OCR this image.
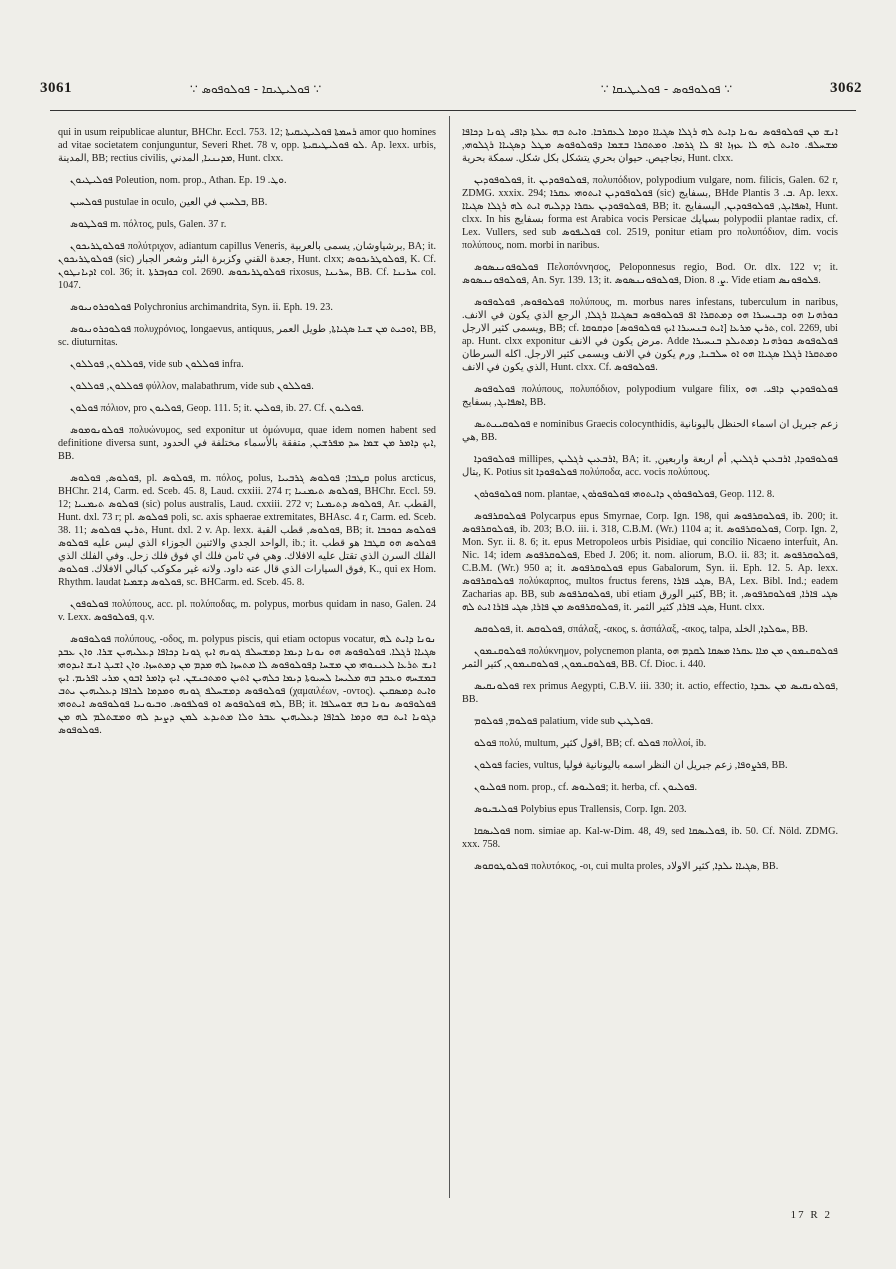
3061	∵ ܦܘܠܝܛܝܩܐ - ܦܘܠܘܦܘܣ ∵	∵ ܦܘܠܘܦܘܣ - ܦܘܠܝܛܝܩܐ ∵	3062

qui in usum reipublicae aluntur, BHChr. Eccl. 753. 12; ܪܚܡܬܐ ܦܘܠܝܛܝܩܝܬܐ amor quo homines ad vitae societatem conjunguntur, Severi Rhet. 78 v, opp. ܠܘ ܦܘܠܝܛܝܩܝܬܐ. Ap. lexx. urbis, المدينة, BB; rectius civilis, ܡܕܝܢܝܐ, المدني, Hunt. clxx.

ܦܘܠܝܛܝܘܢ Poleution, nom. prop., Athan. Ep. ܘܛ. 19.

ܦܘܠܚܝܢ pustulae in oculo, ܒܠܚܝܢ في العين, BB.

ܦܘܠܛܘܣ m. πόλτος, puls, Galen. 37 r.

ܦܘܠܘܛܪܝܟܘܢ πολύτριχον, adiantum capillus Veneris, برشياوشان, يسمى بالعربية, BA; it. ܦܘܠܘܛܪܝܟܘܢ (sic) جعدة القني وكزبرة البئر وشعر الجبار, Hunt. clxx; ܦܘܠܘܛܪܝܟܘܣ, K. Cf. ܐܕܝܐܢܛܘܢ col. 36; it. ܟܘܙܒܪܬܐ col. 2690. ܦܘܠܘܛܪܝܟܘܣ rixosus, ܚܪܝܢܐ, BB. Cf. ܚܪܝܢܐ col. 1047.

ܦܘܠܘܟܪܘܢܝܘܣ Polychronius archimandrita, Syn. ii. Eph. 19. 23.

ܦܘܠܘܟܪܘܢܝܘܣ πολυχρόνιος, longaevus, antiquus, ܐܘܟܝܬ ܡܢ ܫܢܐ ܣܓܝܐܬܐ, طويل العمر, BB, sc. diuturnitas.

ܦܘܠܠܘܢ, ܦܘܠܠܘܢ, vide sub ܦܘܠܠܘܢ infra.

ܦܘܠܠܘܢ, ܦܘܠܠܘܢ φύλλον, malabathrum, vide sub ܦܘܠܠܘܢ.

ܦܘܠܘܢ πόλιον, pro ܦܘܠܝܘܢ, Geop. 111. 5; it. ܦܘܠܝܢ, ib. 27. Cf. ܦܘܠܝܘܢ.

ܦܘܠܘܢܘܡܘܣ πολυώνυμος, sed exponitur ut ὁμώνυμα, quae idem nomen habent sed definitione diversa sunt, ܐܝܟ ܕܐܡܪ ܡܢ ܫܡܐ ܚܕ ܡܦܪܫܝܢ, متفقة بالأسماء مختلفة في الحدود, BB.

ܦܘܠܘܣ, ܦܘܠܘܣ, pl. ܦܘܠܘܣ, m. πόλος, polus, ܩܛܒܐ; ܦܘܠܘܣ ܓܪܒܝܝܐ polus arcticus, BHChr. 214, Carm. ed. Sceb. 45. 8, Laud. cxxiii. 274 r; ܦܘܠܘܣ ܬܝܡܢܝܐ, BHChr. Eccl. 59. 12; ܦܘܠܘܣ ܬܝܡܢܝܐ (sic) polus australis, Laud. cxxiii. 272 v; ܦܘܠܘܣ ܕܬܝܡܢܐ, Ar. القطب, Hunt. dxl. 73 r; pl. ܦܘܠܘܣ poli, sc. axis sphaerae extremitates, BHAsc. 4 r, Carm. ed. Sceb. 38. 11; ܬܪܝܢ ܦܘܠܘܣ, Hunt. dxl. 2 v. Ap. lexx. ܦܘܠܘܣ, قطب القبة, BB; it. ܦܘܠܘܣ ܟܘܟܒܐ الواحد الجدي والاثنين الجوزاء الذي ليس عليه ܦܘܠܘܣ, ib.; it. ܦܘܠܘܣ ܗܘ ܩܛܒܐ هو قطب الفلك السرن الذي تقتل عليه الافلاك. وهي في ثامن فلك اي فوق فلك زحل. وفي الفلك الذي فوق السيارات الذي قال عنه داود. ولانه غير مكوكب كبالي الافلاك. ܦܘܠܘܣ, K., qui ex Hom. Rhythm. laudat ܦܘܠܘܣ ܕܫܡܝܐ, sc. BHCarm. ed. Sceb. 45. 8.

ܦܘܠܘܦܘܢ πολύπους, acc. pl. πολύποδας, m. polypus, morbus quidam in naso, Galen. 24 v. Lexx. ܦܘܠܘܦܘܣ, q.v.

ܦܘܠܘܦܘܣ πολύπους, -οδος, m. polypus piscis, qui etiam octopus vocatur, ܢܘܢܐ ܕܐܝܬ ܠܗ ܣܓܝܐܐ ܪܓܠܐ. ܦܘܠܘܦܘܣ ܗܘ ܢܘܢܐ ܕܝܡܐ ܕܡܫܚܠܦ ܓܘܢܗ ܐܝܟ ܓܘܢܐ ܕܟܐܦܐ ܕܥܠܝܗܝܢ ܫܪܐ. ܘܐܢ ܥܒܕ ܐܢܫ ܬܪܥܐ ܠܥܝܢܘܗܝ ܡܢ ܡܫܚܐ ܕܦܘܠܘܦܘܣ ܠܐ ܡܬܚܙܐ ܠܗ ܡܕܡ ܡܢ ܕܡܬܚܙܐ. ܘܐܢ ܐܫܝܓ ܐܢܫ ܐܝܕܘܗܝ ܒܡܫܚܗ ܘܥܒܕ ܒܗ ܡܠܝܚܐ ܠܚܝܘܬܐ ܕܝܡܐ ܟܠܗܝܢ ܐܬܝܢ ܘܡܬܟܢܫܢ. ܐܝܟ ܕܐܡܪ ܐܒܘܢ ܡܪܝ ܐܦܪܝܡ. ܐܝܟ ܦܘܠܘܦܘܣ ܕܡܫܚܠܦ ܓܘܢܗ ܘܡܕܡܐ ܠܟܐܦܐ ܕܥܠܝܗܝܢ ܝܬܒ (χαμαιλέων, -οντος). ܘܐܝܬ ܕܡܣܩܝܢ ܠܗ ܦܘܠܘܦܘܣ ܐܘ ܦܘܠܦܘܣ. ܘܒܝܘܢܝܐ ܦܘܠܘܦܘܣ ܐܝܬܘܗܝ, BB; it. ܦܘܠܘܦܘܣ ܢܘܢܐ ܒܗ ܫܘܚܠܦܐ ܕܓܘܢܐ ܐܝܬ ܒܗ ܘܕܡܐ ܠܟܐܦܐ ܕܥܠܝܗܝܢ ܥܒܪ ܘܠܐ ܡܬܝܕܥ ܠܡܢ ܕܨܝܕ ܠܗ ܘܡܫܬܠܡ ܠܗ ܡܢ ܦܘܠܘܦܘܣ.

ܐܢܫ ܡܢ ܦܘܠܘܦܘܣ ܢܘܢܐ ܕܐܝܬ ܠܗ ܪܓܠܐ ܣܓܝܐܐ ܘܕܡܐ ܠܥܩܪܒܐ. ܘܐܝܬ ܒܗ ܥܠܬܐ ܕܐܦܝ ܓܘܢܐ ܕܟܐܦܐ ܡܫܚܠܦ. ܘܐܝܬ ܠܗ ܠܐ ܥܙܙܐ ܐܦ ܠܐ ܓܪܡܐ. ܘܡܬܩܪܐ ܒܫܡܐ ܕܦܘܠܘܦܘܣ ܡܛܠ ܕܣܓܝܐܐ ܪܓܠܘܗܝ, نجاجيص. حيوان بحري يتشكل بكل شكل. سمكة بحرية, Hunt. clxx.

ܦܘܠܘܦܘܕܝܢ, it. ܦܘܠܘܦܘܕܝܢ, πολυπόδιον, polypodium vulgare, nom. filicis, Galen. 62 r, ZDMG. xxxix. 294; ܦܘܠܘܦܘܕܝܢ ܐܝܬܘܗܝ ܥܩܪܐ (sic) بسفايج, BHde Plantis ܒ. 3. Ap. lexx. ܦܘܠܘܦܘܕܝܢ ܥܩܪܐ ܕܕܠܝܗ ܐܝܬ ܠܗ ܪܓܠܐ ܣܓܝܐܐ, BB; it. ܐܣܦܐܝܓ, ܦܘܠܘܦܘܕܝܢ, البسفايج, Hunt. clxx. In his بسفايج forma est Arabica vocis Persicae بسپايك polypodii plantae radix, cf. Lex. Vullers, sed sub ܦܘܠܝܦܘܣ col. 2519, ponitur etiam pro πολυπόδιον, dim. vocis πολύπους, nom. morbi in naribus.

ܦܘܠܘܦܘܢܢܣܘܣ Πελοπόννησος, Peloponnesus regio, Bod. Or. dlx. 122 v; it. ܦܘܠܘܦܘܢܢܣܘܣ, An. Syr. 139. 13; it. ܦܘܠܘܦܘܢܢܣܘܣ, Dion. ܨ. 8. Vide etiam ܦܠܘܦܘܢܣ.

ܦܘܠܘܦܘܣ, ܦܘܠܘܦܘܣ πολύπους, m. morbus nares infestans, tuberculum in naribus, ܟܘܪܗܢܐ ܗܘ ܕܒܢܚܝܪܐ ܗܘ ܕܡܬܩܪܐ ܐܦ ܦܘܠܘܦܘܣ ܒܣܓܝܐܐ ܪܓܠܐ, الرجع الذي يكون في الانف. ويسمى كثير الارجل, BB; cf. ܬܪܝܢ ܡܪܥܐ [ܐܝܬ ܒܢܚܝܪܐ ܐܝܟ ܦܘܠܘܦܘܣ] ܘܕܩܘܩܐ, col. 2269, ubi ap. Hunt. clxx exponitur مرض يكون في الانف. Adde ܦܘܠܘܦܘܣ ܟܘܪܗܢܐ ܕܡܬܝܠܕ ܒܢܚܝܪܐ ܘܡܬܩܪܐ ܪܓܠܐ ܣܓܝܐܐ ܗܘ ܐܘ ܚܠܒܢܐ, ورم يكون في الانف ويسمى كثير الارجل. اكله السرطان الذي يكون في الانف, Hunt. clxx. Cf. ܦܘܠܘܦܘܣ.

ܦܘܠܘܦܘܣ πολύπους, πολυπόδιον, polypodium vulgare filix, ܦܘܠܘܦܘܕܝܢ ܕܐܦܝ. ܗܘ ܐܣܦܐܝܓ, بسفايج, BB.

ܦܘܠܘܩܝܢܬܝܣ e nominibus Graecis colocynthidis, زعم جبريل ان اسماء الحنظل باليونانية هي, BB.

ܦܘܠܘܦܘܕܐ millipes, ܐܪܒܥܝܢ ܪܓܠܝܢ, BA; it. ܦܘܠܘܦܘܕܐ, ܐܪܒܥܝܢ ܪܓܠܝܢ, أم اربعة واربعين, بتال, K. Potius sit ܦܘܠܘܦܘܕܐ πολύποδα, acc. vocis πολύπους.

ܦܘܠܘܦܘܪܘܢ nom. plantae, ܦܘܠܘܦܘܪܘܢ ܕܐܝܬܘܗܝ ܦܘܠܘܦܘܪܘܢ, Geop. 112. 8.

ܦܘܠܘܩܪܦܘܣ Polycarpus epus Smyrnae, Corp. Ign. 198, qui ܦܘܠܘܩܪܦܘܣ, ib. 200; it. ܦܘܠܘܩܪܦܘܣ, ib. 203; B.O. iii. i. 318, C.B.M. (Wr.) 1104 a; it. ܦܘܠܘܩܪܦܘܣ, Corp. Ign. 2, Mon. Syr. ii. 8. 6; it. epus Metropoleos urbis Pisidiae, qui concilio Nicaeno interfuit, An. Nic. 14; idem ܦܘܠܘܩܪܦܘܣ, Ebed J. 206; it. nom. aliorum, B.O. ii. 83; it. ܦܘܠܘܩܪܦܘܣ, C.B.M. (Wr.) 950 a; it. ܦܘܠܘܩܪܦܘܣ epus Gabalorum, Syn. ii. Eph. 12. 5. Ap. lexx. ܦܘܠܘܩܪܦܘܣ πολύκαρπος, multos fructus ferens, ܣܓܝ ܦܐܪܐ, BA, Lex. Bibl. Ind.; eadem Zacharias ap. BB, sub ܦܘܠܘܩܪܦܘܣ, ubi etiam كثير الورق, BB; it. ܣܓܝ ܦܐܪܐ, ܦܘܠܘܩܪܦܘܣ, ܦܘܠܘܩܪܦܘܣ ܡܢ ܦܐܪܐ, ܣܓܝ ܦܐܪܐ ܐܝܬ ܠܗ, it. ܣܓܝ ܦܐܪܐ, كثير الثمر, Hunt. clxx.

ܦܘܠܘܩܣ, it. ܦܘܠܘܩܣ, σπάλαξ, -ακος, s. ἀσπάλαξ, -ακος, talpa, ܚܘܠܕܐ, الخلد, BB.

ܦܘܠܘܩܢܡܘܢ πολύκνημον, polycnemon planta, ܦܘܠܘܩܢܡܘܢ ܡܢ ܡܐܐ ܥܩܪܐ ܡܣܩܐ ܠܩܕܡ ܗܘ ܦܘܠܘܩܢܡܘܢ, ܦܘܠܘܩܢܡܘܢ, كثير الثمر, BB. Cf. Dioc. i. 440.

ܦܘܠܘܢܩܝܣ rex primus Aegypti, C.B.V. iii. 330; it. actio, effectio, ܦܘܠܘܢܩܝܣ ܡܢ ܥܒܕܐ, BB.

ܦܘܠܘܡ, ܦܘܠܘܡ palatium, vide sub ܦܘܠܛܝܢ.

ܦܘܠܘ πολύ, multum, اقول كثير, BB; cf. ܦܘܠܘ πολλοί, ib.

ܦܘܠܘܢ facies, vultus, ܦܪܨܘܦܐ, زعم جبريل ان النظر اسمه باليونانية فوليا, BB.

ܦܘܠܝܘܢ nom. prop., cf. ܦܘܠܝܘܣ; it. herba, cf. ܦܘܠܝܘܢ.

ܦܘܠܝܒܝܘܣ Polybius epus Trallensis, Corp. Ign. 203.

ܦܘܠܝܣܩܐ nom. simiae ap. Kal-w-Dim. 48, 49, sed ܦܘܠܝܣܩܐ, ib. 50. Cf. Nöld. ZDMG. xxx. 758.

ܦܘܠܘܛܘܩܘܣ πολυτόκος, -οι, cui multa proles, ܣܓܝܐܐ ܝܠܕܐ, كثير الاولاد, BB.

17 R 2
